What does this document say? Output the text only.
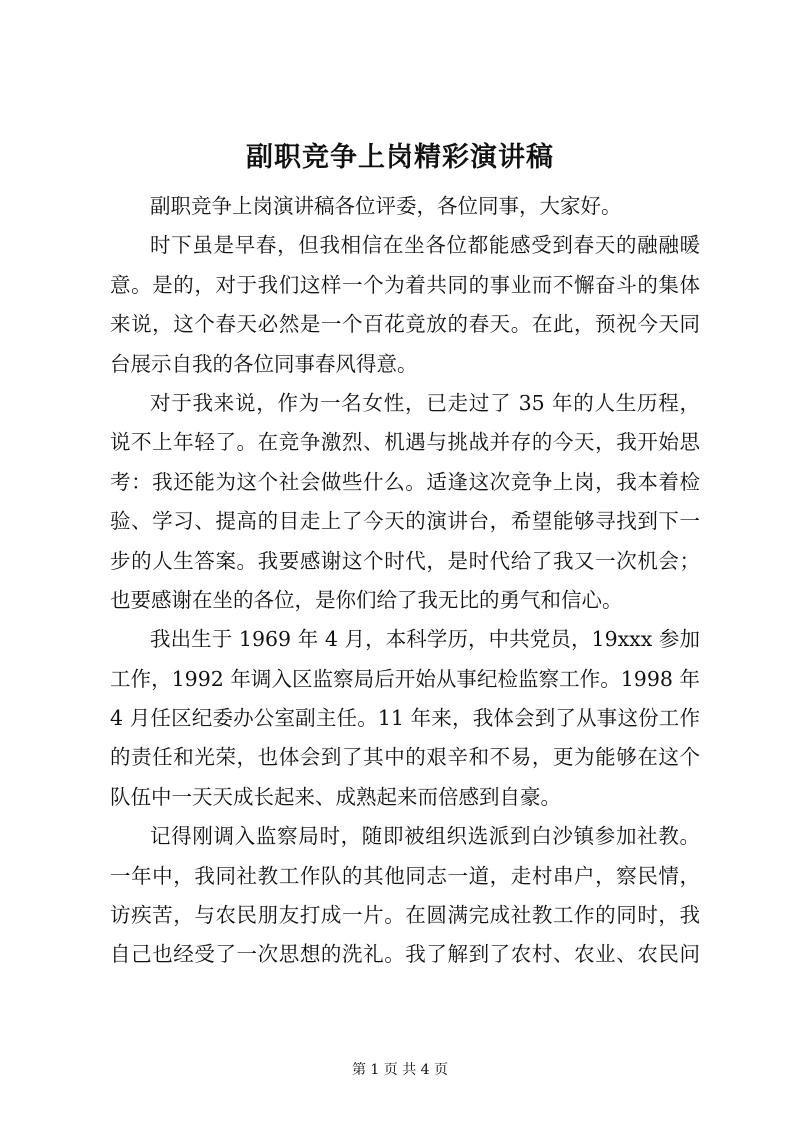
副职竞争上岗精彩演讲稿
副职竞争上岗演讲稿各位评委，各位同事，大家好。
时下虽是早春，但我相信在坐各位都能感受到春天的融融暖
意。是的，对于我们这样一个为着共同的事业而不懈奋斗的集体
来说，这个春天必然是一个百花竟放的春天。在此，预祝今天同
台展示自我的各位同事春风得意。
对于我来说，作为一名女性，已走过了 35 年的人生历程，
说不上年轻了。在竞争激烈、机遇与挑战并存的今天，我开始思
考：我还能为这个社会做些什么。适逢这次竞争上岗，我本着检
验、学习、提高的目走上了今天的演讲台，希望能够寻找到下一
步的人生答案。我要感谢这个时代，是时代给了我又一次机会；
也要感谢在坐的各位，是你们给了我无比的勇气和信心。
我出生于 1969 年 4 月，本科学历，中共党员，19xxx 参加
工作，1992 年调入区监察局后开始从事纪检监察工作。1998 年
4 月任区纪委办公室副主任。11 年来，我体会到了从事这份工作
的责任和光荣，也体会到了其中的艰辛和不易，更为能够在这个
队伍中一天天成长起来、成熟起来而倍感到自豪。
记得刚调入监察局时，随即被组织选派到白沙镇参加社教。
一年中，我同社教工作队的其他同志一道，走村串户，察民情，
访疾苦，与农民朋友打成一片。在圆满完成社教工作的同时，我
自己也经受了一次思想的洗礼。我了解到了农村、农业、农民问
第 1 页 共 4 页
